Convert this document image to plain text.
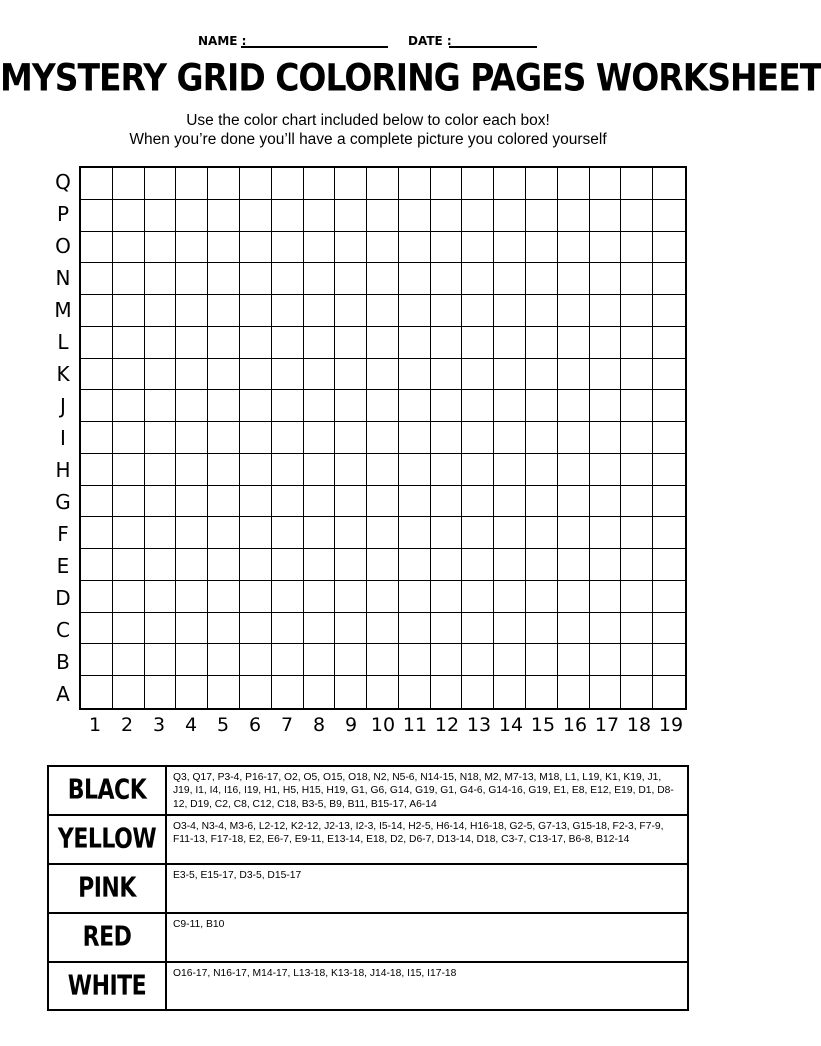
NAME :	DATE :
MYSTERY GRID COLORING PAGES WORKSHEET
Use the color chart included below to color each box!
When you’re done you’ll have a complete picture you colored yourself
Q
P
O
N
M
L
K
J
I
H
G
F
E
D
C
B
A
1	2	3	4	5	6	7	8	9 10 11 12 13 14 15 16 17 18 19
BLACK	Q3, Q17, P3-4, P16-17, O2, O5, O15, O18, N2, N5-6, N14-15, N18, M2, M7-13, M18, L1, L19, K1, K19, J1, J19, I1, I4, I16, I19, H1, H5, H15, H19, G1, G6, G14, G19, G1, G4-6, G14-16, G19, E1, E8, E12, E19, D1, D8-12, D19, C2, C8, C12, C18, B3-5, B9, B11, B15-17, A6-14
YELLOW O3-4, N3-4, M3-6, L2-12, K2-12, J2-13, I2-3, I5-14, H2-5, H6-14, H16-18, G2-5, G7-13, G15-18, F2-3, F7-9, F11-13, F17-18, E2, E6-7, E9-11, E13-14, E18, D2, D6-7, D13-14, D18, C3-7, C13-17, B6-8, B12-14
PINK	E3-5, E15-17, D3-5, D15-17
RED	C9-11, B10
WHITE	O16-17, N16-17, M14-17, L13-18, K13-18, J14-18, I15, I17-18
